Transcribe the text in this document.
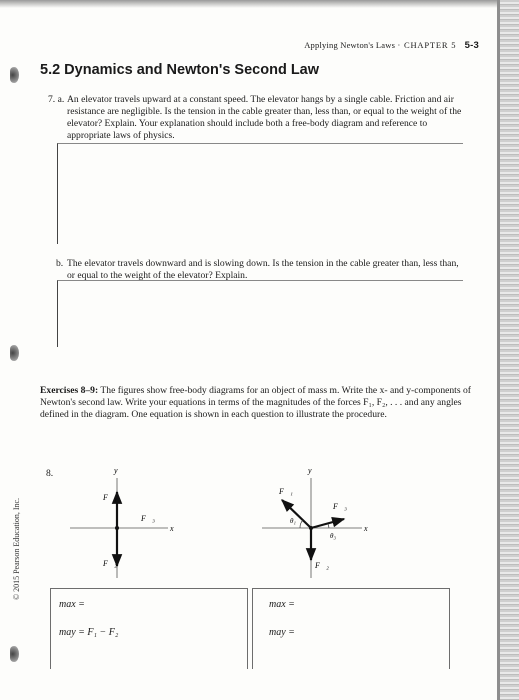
Applying Newton's Laws · CHAPTER 5 5-3
5.2 Dynamics and Newton's Second Law
7. a. An elevator travels upward at a constant speed. The elevator hangs by a single cable. Friction and air resistance are negligible. Is the tension in the cable greater than, less than, or equal to the weight of the elevator? Explain. Your explanation should include both a free-body diagram and reference to appropriate laws of physics.
b. The elevator travels downward and is slowing down. Is the tension in the cable greater than, less than, or equal to the weight of the elevator? Explain.
Exercises 8–9: The figures show free-body diagrams for an object of mass m. Write the x- and y-components of Newton's second law. Write your equations in terms of the magnitudes of the forces F₁, F₂, . . . and any angles defined in the diagram. One equation is shown in each question to illustrate the procedure.
8.	y
x
F⃗₁
F⃗₂
F⃗₃
y
x
F⃗₁
F⃗₂
F⃗₃
θ₁
θ₃
max =
may = F₁ − F₂
max =
may =
© 2015 Pearson Education, Inc.
